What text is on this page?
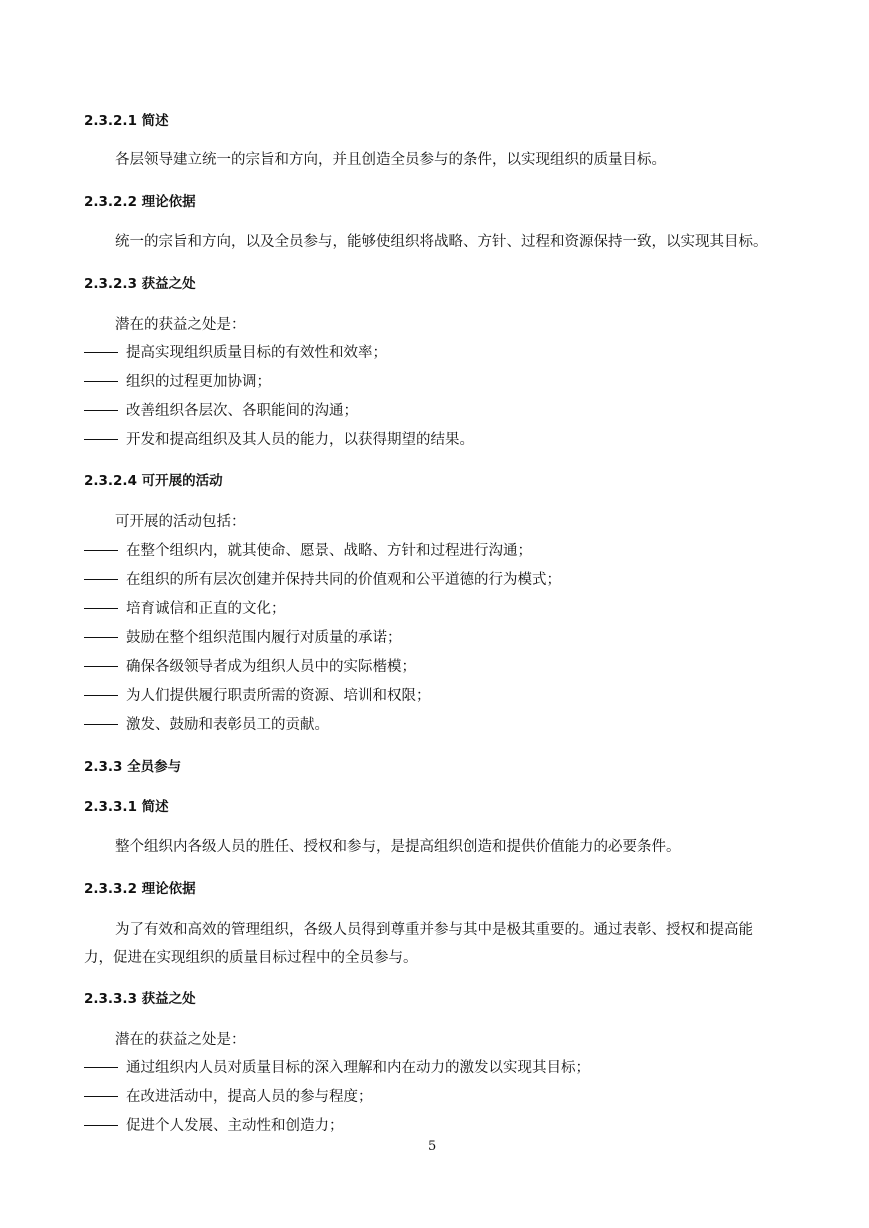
2.3.2.1 简述
各层领导建立统一的宗旨和方向，并且创造全员参与的条件，以实现组织的质量目标。
2.3.2.2 理论依据
统一的宗旨和方向，以及全员参与，能够使组织将战略、方针、过程和资源保持一致，以实现其目标。
2.3.2.3 获益之处
潜在的获益之处是：
提高实现组织质量目标的有效性和效率；
组织的过程更加协调；
改善组织各层次、各职能间的沟通；
开发和提高组织及其人员的能力，以获得期望的结果。
2.3.2.4 可开展的活动
可开展的活动包括：
在整个组织内，就其使命、愿景、战略、方针和过程进行沟通；
在组织的所有层次创建并保持共同的价值观和公平道德的行为模式；
培育诚信和正直的文化；
鼓励在整个组织范围内履行对质量的承诺；
确保各级领导者成为组织人员中的实际楷模；
为人们提供履行职责所需的资源、培训和权限；
激发、鼓励和表彰员工的贡献。
2.3.3 全员参与
2.3.3.1 简述
整个组织内各级人员的胜任、授权和参与，是提高组织创造和提供价值能力的必要条件。
2.3.3.2 理论依据
为了有效和高效的管理组织，各级人员得到尊重并参与其中是极其重要的。通过表彰、授权和提高能
力，促进在实现组织的质量目标过程中的全员参与。
2.3.3.3 获益之处
潜在的获益之处是：
通过组织内人员对质量目标的深入理解和内在动力的激发以实现其目标；
在改进活动中，提高人员的参与程度；
促进个人发展、主动性和创造力；
5
